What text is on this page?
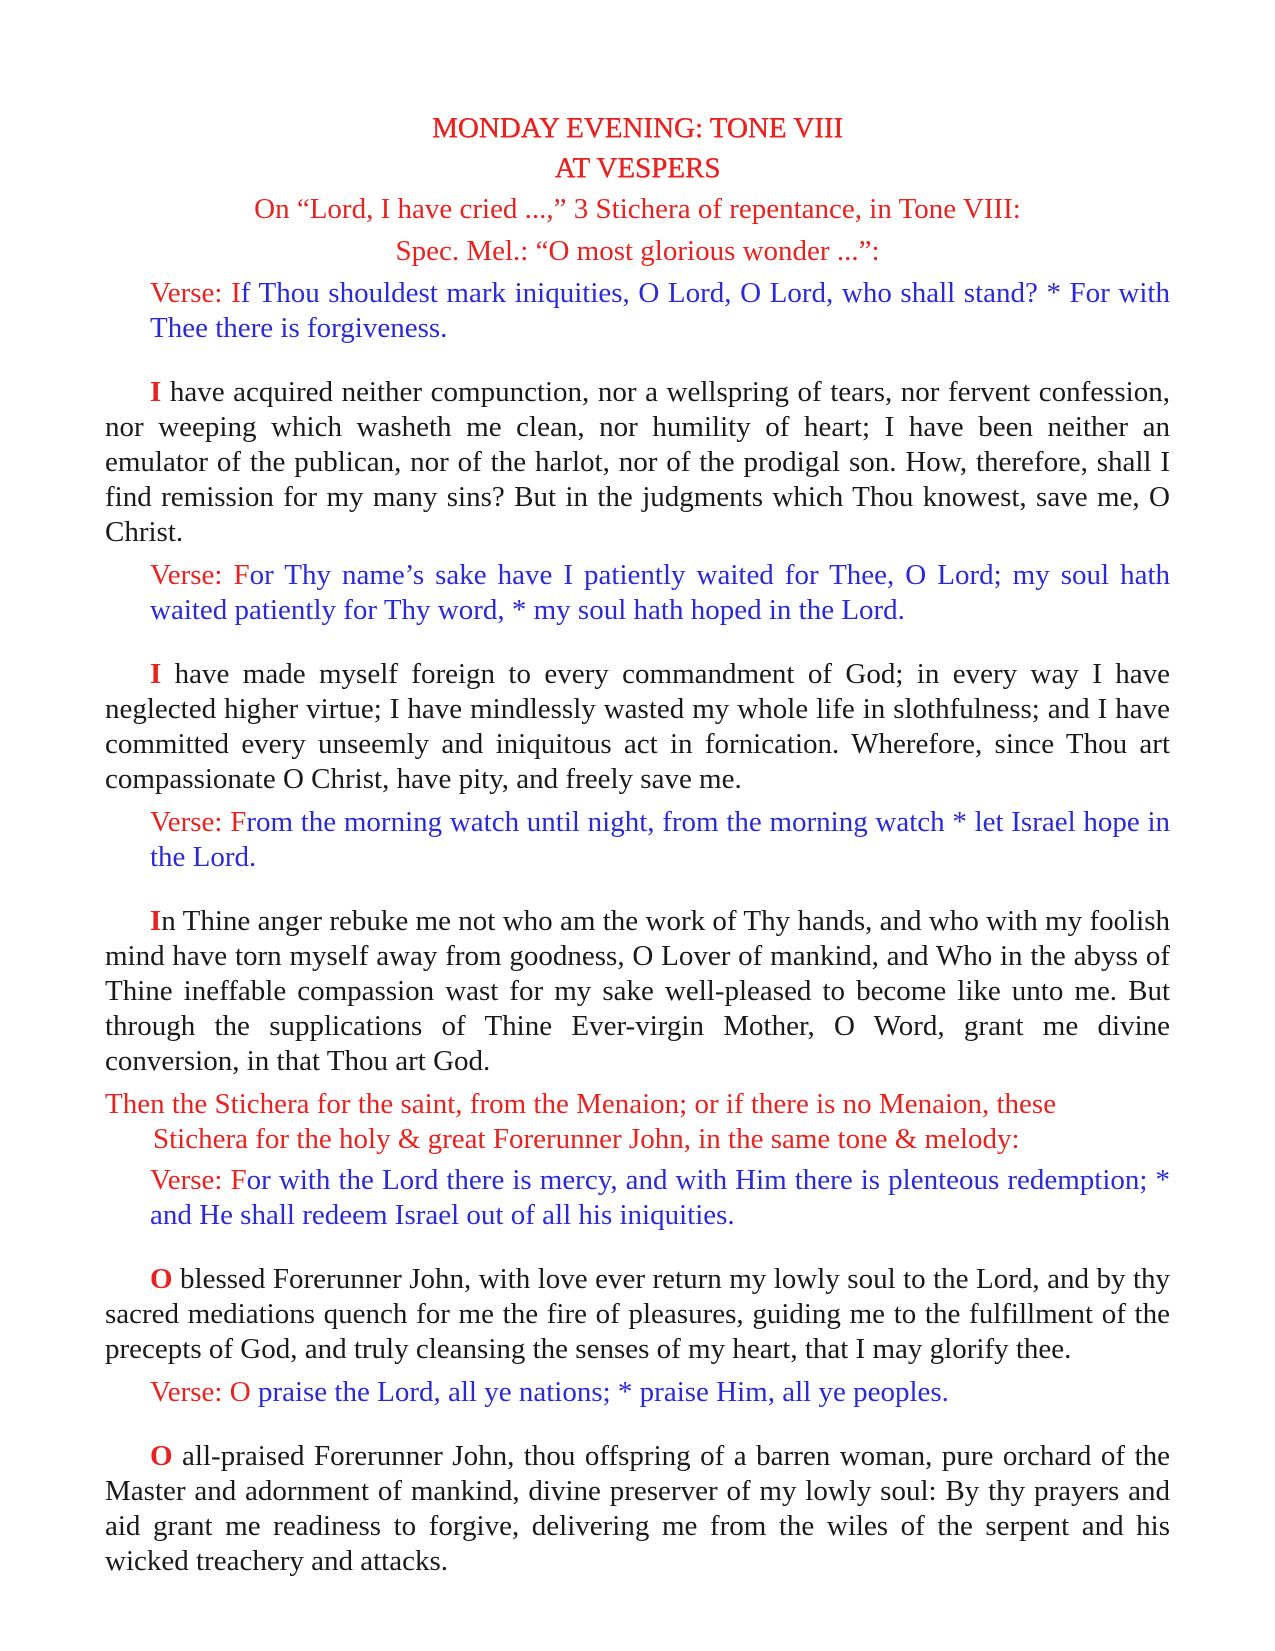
MONDAY EVENING: TONE VIII
AT VESPERS
On “Lord, I have cried ...,” 3 Stichera of repentance, in Tone VIII:
Spec. Mel.: “O most glorious wonder ...”:

Verse: If Thou shouldest mark iniquities, O Lord, O Lord, who shall stand? * For with Thee there is forgiveness.

I have acquired neither compunction, nor a wellspring of tears, nor fervent confession, nor weeping which washeth me clean, nor humility of heart; I have been neither an emulator of the publican, nor of the harlot, nor of the prodigal son. How, therefore, shall I find remission for my many sins? But in the judgments which Thou knowest, save me, O Christ.

Verse: For Thy name’s sake have I patiently waited for Thee, O Lord; my soul hath waited patiently for Thy word, * my soul hath hoped in the Lord.

I have made myself foreign to every commandment of God; in every way I have neglected higher virtue; I have mindlessly wasted my whole life in slothfulness; and I have committed every unseemly and iniquitous act in fornication. Wherefore, since Thou art compassionate O Christ, have pity, and freely save me.

Verse: From the morning watch until night, from the morning watch * let Israel hope in the Lord.

In Thine anger rebuke me not who am the work of Thy hands, and who with my foolish mind have torn myself away from goodness, O Lover of mankind, and Who in the abyss of Thine ineffable compassion wast for my sake well-pleased to become like unto me. But through the supplications of Thine Ever-virgin Mother, O Word, grant me divine conversion, in that Thou art God.

Then the Stichera for the saint, from the Menaion; or if there is no Menaion, these
Stichera for the holy & great Forerunner John, in the same tone & melody:

Verse: For with the Lord there is mercy, and with Him there is plenteous redemption; * and He shall redeem Israel out of all his iniquities.

O blessed Forerunner John, with love ever return my lowly soul to the Lord, and by thy sacred mediations quench for me the fire of pleasures, guiding me to the fulfillment of the precepts of God, and truly cleansing the senses of my heart, that I may glorify thee.

Verse: O praise the Lord, all ye nations; * praise Him, all ye peoples.

O all-praised Forerunner John, thou offspring of a barren woman, pure orchard of the Master and adornment of mankind, divine preserver of my lowly soul: By thy prayers and aid grant me readiness to forgive, delivering me from the wiles of the serpent and his wicked treachery and attacks.
